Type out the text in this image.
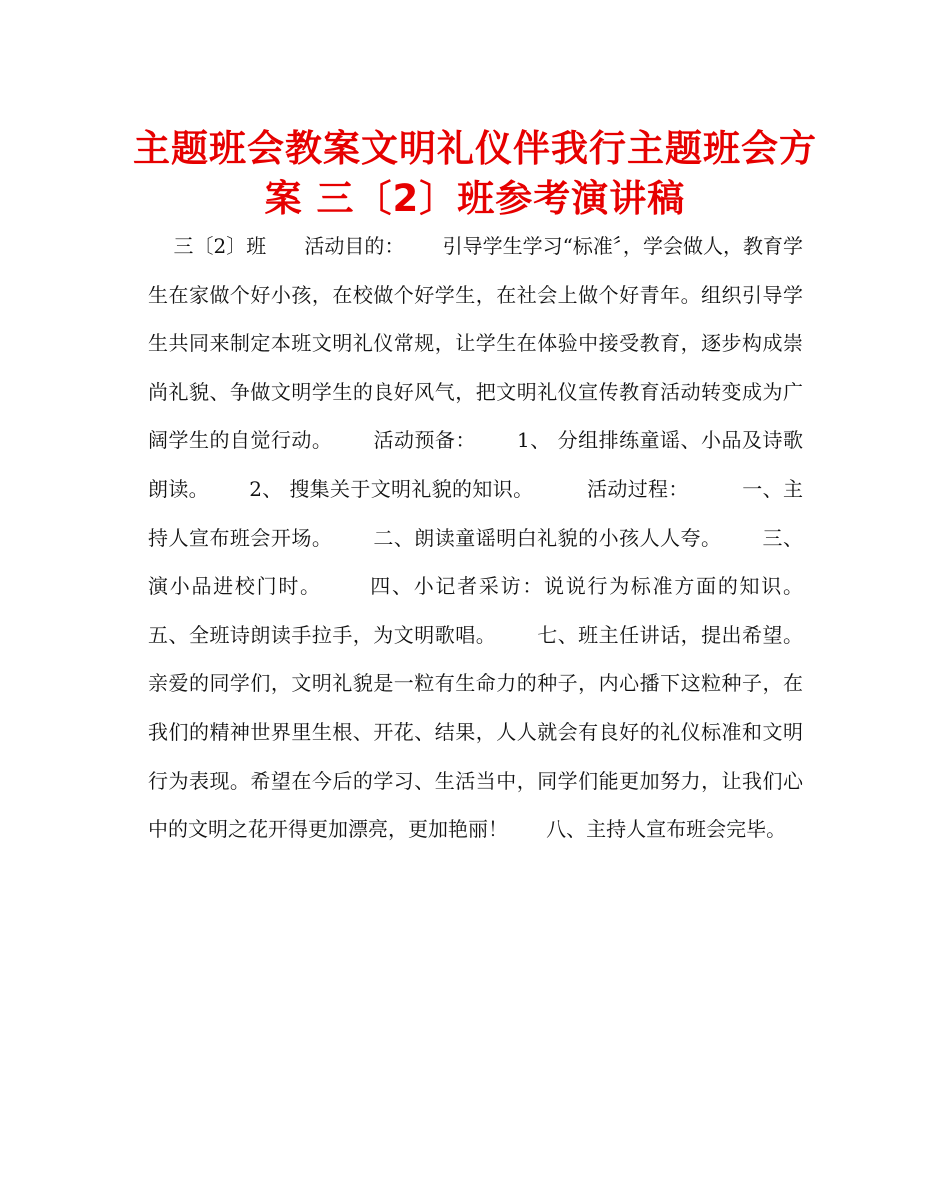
主题班会教案文明礼仪伴我行主题班会方案 三〔2〕班参考演讲稿

三〔2〕班      活动目的：      引导学生学习“标准〞，学会做人，教育学生在家做个好小孩，在校做个好学生，在社会上做个好青年。组织引导学生共同来制定本班文明礼仪常规，让学生在体验中接受教育，逐步构成崇尚礼貌、争做文明学生的良好风气，把文明礼仪宣传教育活动转变成为广阔学生的自觉行动。      活动预备：      1、 分组排练童谣、小品及诗歌朗读。      2、 搜集关于文明礼貌的知识。        活动过程：        一、主持人宣布班会开场。      二、朗读童谣明白礼貌的小孩人人夸。      三、演小品进校门时。      四、小记者采访：说说行为标准方面的知识。      五、全班诗朗读手拉手，为文明歌唱。      七、班主任讲话，提出希望。      亲爱的同学们，文明礼貌是一粒有生命力的种子，内心播下这粒种子，在我们的精神世界里生根、开花、结果，人人就会有良好的礼仪标准和文明行为表现。希望在今后的学习、生活当中，同学们能更加努力，让我们心中的文明之花开得更加漂亮，更加艳丽！      八、主持人宣布班会完毕。
